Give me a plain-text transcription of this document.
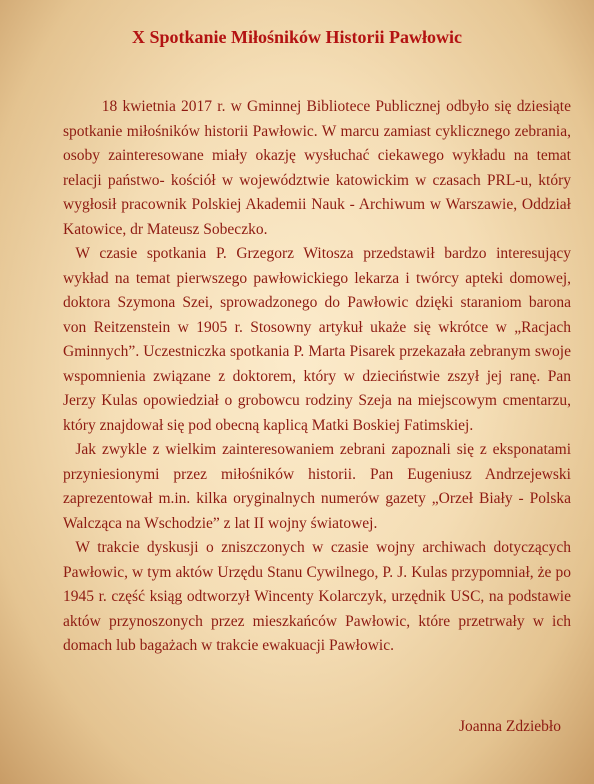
X Spotkanie Miłośników Historii Pawłowic

18 kwietnia 2017 r. w Gminnej Bibliotece Publicznej odbyło się dziesiąte spotkanie miłośników historii Pawłowic. W marcu zamiast cyklicznego zebrania, osoby zainteresowane miały okazję wysłuchać ciekawego wykładu na temat relacji państwo- kościół w województwie katowickim w czasach PRL-u, który wygłosił pracownik Polskiej Akademii Nauk - Archiwum w Warszawie, Oddział Katowice, dr Mateusz Sobeczko.

W czasie spotkania P. Grzegorz Witosza przedstawił bardzo interesujący wykład na temat pierwszego pawłowickiego lekarza i twórcy apteki domowej, doktora Szymona Szei, sprowadzonego do Pawłowic dzięki staraniom barona von Reitzenstein w 1905 r. Stosowny artykuł ukaże się wkrótce w „Racjach Gminnych”. Uczestniczka spotkania P. Marta Pisarek przekazała zebranym swoje wspomnienia związane z doktorem, który w dzieciństwie zszył jej ranę. Pan Jerzy Kulas opowiedział o grobowcu rodziny Szeja na miejscowym cmentarzu, który znajdował się pod obecną kaplicą Matki Boskiej Fatimskiej.

Jak zwykle z wielkim zainteresowaniem zebrani zapoznali się z eksponatami przyniesionymi przez miłośników historii. Pan Eugeniusz Andrzejewski zaprezentował m.in. kilka oryginalnych numerów gazety „Orzeł Biały - Polska Walcząca na Wschodzie” z lat II wojny światowej.

W trakcie dyskusji o zniszczonych w czasie wojny archiwach dotyczących Pawłowic, w tym aktów Urzędu Stanu Cywilnego, P. J. Kulas przypomniał, że po 1945 r. część ksiąg odtworzył Wincenty Kolarczyk, urzędnik USC, na podstawie aktów przynoszonych przez mieszkańców Pawłowic, które przetrwały w ich domach lub bagażach w trakcie ewakuacji Pawłowic.

Joanna Zdziebło
